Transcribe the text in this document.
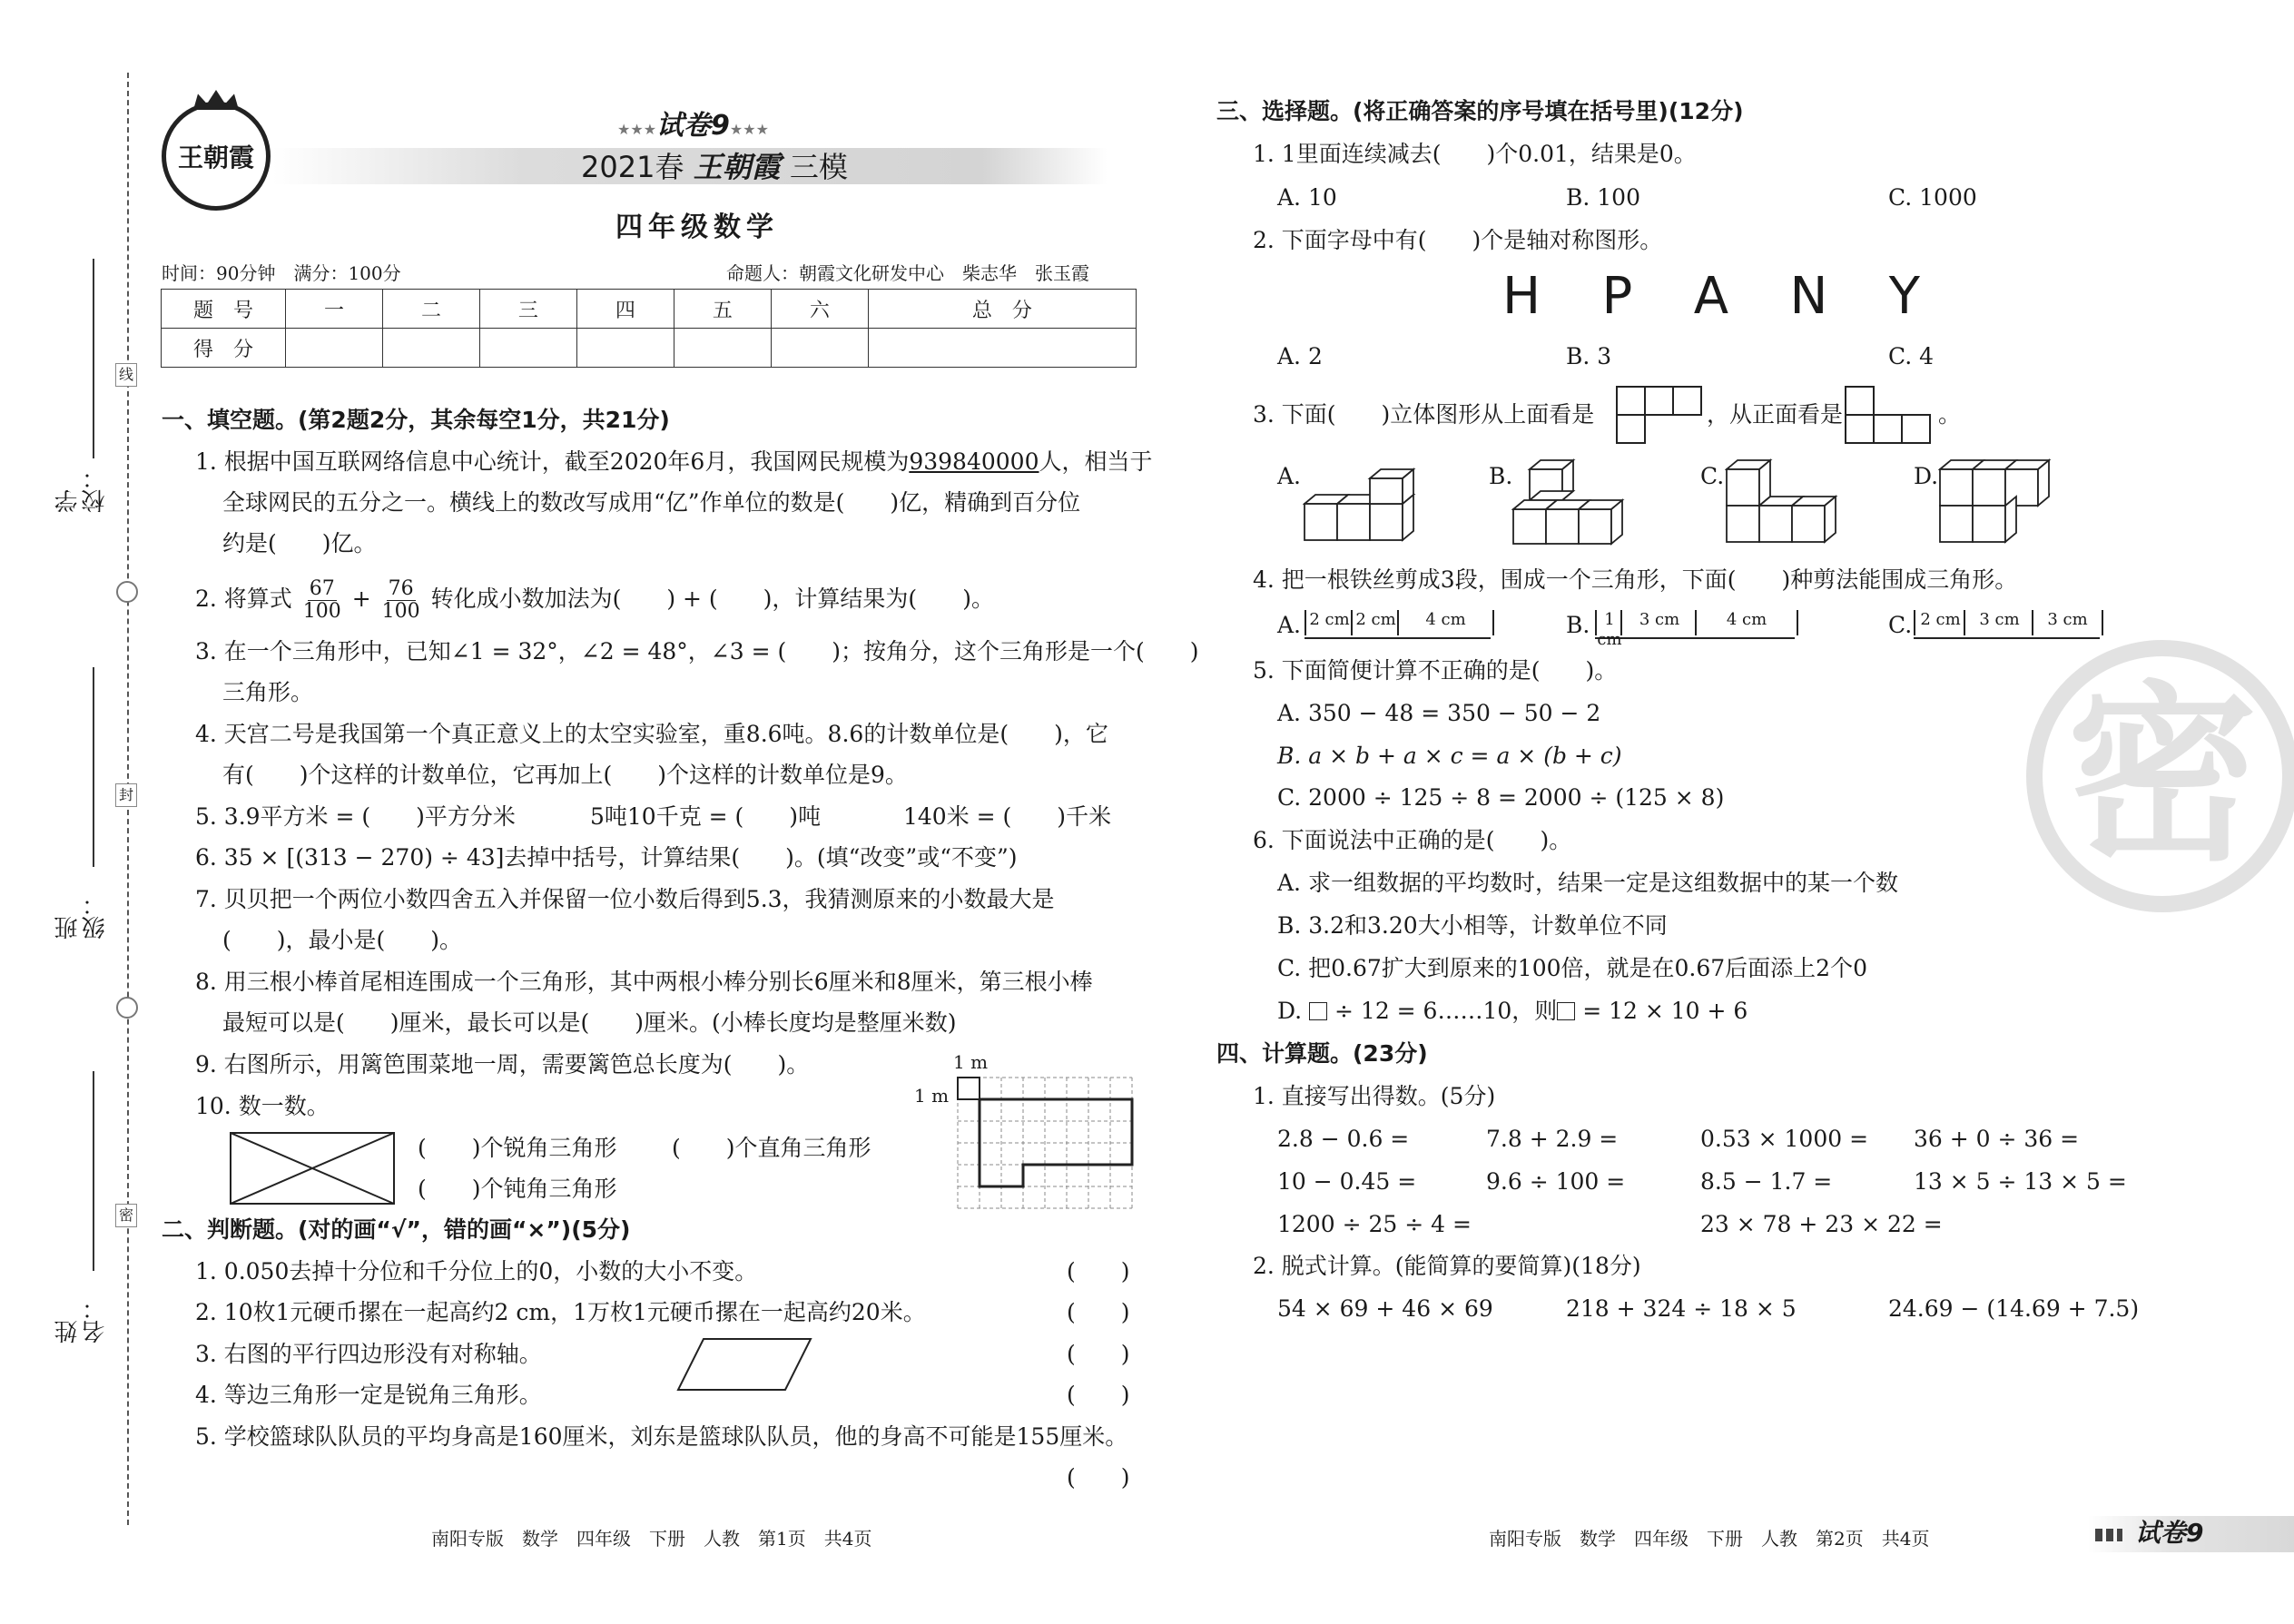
线
封
密
学校：
班级：
姓名：
王朝霞
★★★试卷9★★★
2021春 王朝霞 三模
四年级数学
时间：90分钟　满分：100分	命题人：朝霞文化研发中心　柴志华　张玉霞
题　号	一	二	三	四	五	六	总　分
得　分							
一、填空题。(第2题2分，其余每空1分，共21分)
1. 根据中国互联网络信息中心统计，截至2020年6月，我国网民规模为939840000人，相当于
全球网民的五分之一。横线上的数改写成用“亿”作单位的数是(　　)亿，精确到百分位
约是(　　)亿。
2. 将算式 $\frac{67}{100} + \frac{76}{100}$ 转化成小数加法为(　　) + (　　)，计算结果为(　　)。
3. 在一个三角形中，已知∠1 = 32°，∠2 = 48°，∠3 = (　　)；按角分，这个三角形是一个(　　)
三角形。
4. 天宫二号是我国第一个真正意义上的太空实验室，重8.6吨。8.6的计数单位是(　　)，它
有(　　)个这样的计数单位，它再加上(　　)个这样的计数单位是9。
5. 3.9平方米 = (　　)平方分米	5吨10千克 = (　　)吨	140米 = (　　)千米
6. 35 × [(313 − 270) ÷ 43]去掉中括号，计算结果(　　)。(填“改变”或“不变”)
7. 贝贝把一个两位小数四舍五入并保留一位小数后得到5.3，我猜测原来的小数最大是
(　　)，最小是(　　)。
8. 用三根小棒首尾相连围成一个三角形，其中两根小棒分别长6厘米和8厘米，第三根小棒
最短可以是(　　)厘米，最长可以是(　　)厘米。(小棒长度均是整厘米数)
9. 右图所示，用篱笆围菜地一周，需要篱笆总长度为(　　)。
10. 数一数。
(　　)个锐角三角形 (　　)个直角三角形
(　　)个钝角三角形
1 m
1 m
二、判断题。(对的画“√”，错的画“×”)(5分)
1. 0.050去掉十分位和千分位上的0，小数的大小不变。	(　　)
2. 10枚1元硬币摞在一起高约2 cm，1万枚1元硬币摞在一起高约20米。	(　　)
3. 右图的平行四边形没有对称轴。	(　　)
4. 等边三角形一定是锐角三角形。	(　　)
5. 学校篮球队队员的平均身高是160厘米，刘东是篮球队队员，他的身高不可能是155厘米。
(　　)
南阳专版　数学　四年级　下册　人教　第1页　共4页
密
三、选择题。(将正确答案的序号填在括号里)(12分)
1. 1里面连续减去(　　)个0.01，结果是0。
A. 10	B. 100	C. 1000
2. 下面字母中有(　　)个是轴对称图形。
H P A N Y
A. 2	B. 3	C. 4
3. 下面(　　)立体图形从上面看是	，从正面看是	。
A.	B.	C.	D.
4. 把一根铁丝剪成3段，围成一个三角形，下面(　　)种剪法能围成三角形。
A. 2 cm 2 cm	4 cm	B. 1 cm
3 cm	4 cm	C. 2 cm	3 cm	3 cm
5. 下面简便计算不正确的是(　　)。
A. 350 − 48 = 350 − 50 − 2
B. a × b + a × c = a × (b + c)
C. 2000 ÷ 125 ÷ 8 = 2000 ÷ (125 × 8)
6. 下面说法中正确的是(　　)。
A. 求一组数据的平均数时，结果一定是这组数据中的某一个数
B. 3.2和3.20大小相等，计数单位不同
C. 把0.67扩大到原来的100倍，就是在0.67后面添上2个0
D. ÷ 12 = 6……10，则 = 12 × 10 + 6
四、计算题。(23分)
1. 直接写出得数。(5分)
2.8 − 0.6 =	7.8 + 2.9 =	0.53 × 1000 = 36 + 0 ÷ 36 =
10 − 0.45 =	9.6 ÷ 100 =	8.5 − 1.7 =	13 × 5 ÷ 13 × 5 =
1200 ÷ 25 ÷ 4 =	23 × 78 + 23 × 22 =
2. 脱式计算。(能简算的要简算)(18分)
54 × 69 + 46 × 69	218 + 324 ÷ 18 × 5	24.69 − (14.69 + 7.5)
南阳专版　数学　四年级　下册　人教　第2页　共4页	试卷9
